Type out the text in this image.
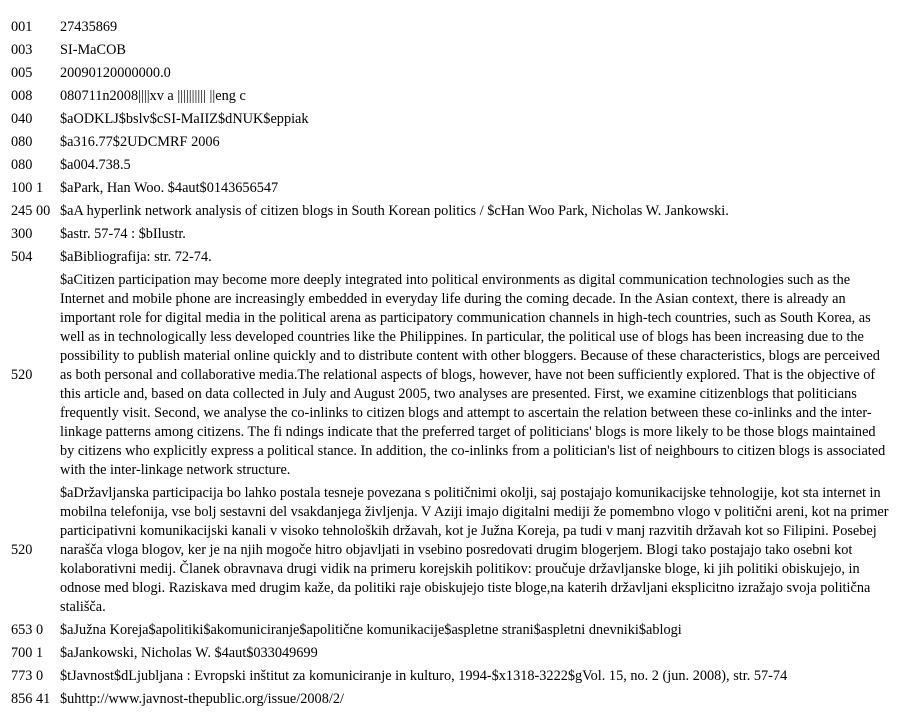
001	27435869
003	SI-MaCOB
005	20090120000000.0
008	080711n2008||||xv a |||||||||| ||eng c
040	$aODKLJ$bslv$cSI-MaIIZ$dNUK$eppiak
080	$a316.77$2UDCMRF 2006
080	$a004.738.5
100 1	$aPark, Han Woo. $4aut$0143656547
245 00	$aA hyperlink network analysis of citizen blogs in South Korean politics / $cHan Woo Park, Nicholas W. Jankowski.
300	$astr. 57-74 : $bIlustr.
504	$aBibliografija: str. 72-74.
520	$aCitizen participation may become more deeply integrated into political environments as digital communication technologies such as the Internet and mobile phone are increasingly embedded in everyday life during the coming decade. In the Asian context, there is already an important role for digital media in the political arena as participatory communication channels in high-tech countries, such as South Korea, as well as in technologically less developed countries like the Philippines. In particular, the political use of blogs has been increasing due to the possibility to publish material online quickly and to distribute content with other bloggers. Because of these characteristics, blogs are perceived as both personal and collaborative media.The relational aspects of blogs, however, have not been sufficiently explored. That is the objective of this article and, based on data collected in July and August 2005, two analyses are presented. First, we examine citizenblogs that politicians frequently visit. Second, we analyse the co-inlinks to citizen blogs and attempt to ascertain the relation between these co-inlinks and the inter-linkage patterns among citizens. The fi ndings indicate that the preferred target of politicians' blogs is more likely to be those blogs maintained by citizens who explicitly express a political stance. In addition, the co-inlinks from a politician's list of neighbours to citizen blogs is associated with the inter-linkage network structure.
520	$aDržavljanska participacija bo lahko postala tesneje povezana s političnimi okolji, saj postajajo komunikacijske tehnologije, kot sta internet in mobilna telefonija, vse bolj sestavni del vsakdanjega življenja. V Aziji imajo digitalni mediji že pomembno vlogo v politični areni, kot na primer participativni komunikacijski kanali v visoko tehnoloških državah, kot je Južna Koreja, pa tudi v manj razvitih državah kot so Filipini. Posebej narašča vloga blogov, ker je na njih mogoče hitro objavljati in vsebino posredovati drugim blogerjem. Blogi tako postajajo tako osebni kot kolaborativni medij. Članek obravnava drugi vidik na primeru korejskih politikov: proučuje državljanske bloge, ki jih politiki obiskujejo, in odnose med blogi. Raziskava med drugim kaže, da politiki raje obiskujejo tiste bloge,na katerih državljani eksplicitno izražajo svoja politična stališča.
653 0	$aJužna Koreja$apolitiki$akomuniciranje$apolitične komunikacije$aspletne strani$aspletni dnevniki$ablogi
700 1	$aJankowski, Nicholas W. $4aut$033049699
773 0	$tJavnost$dLjubljana : Evropski inštitut za komuniciranje in kulturo, 1994-$x1318-3222$gVol. 15, no. 2 (jun. 2008), str. 57-74
856 41	$uhttp://www.javnost-thepublic.org/issue/2008/2/
